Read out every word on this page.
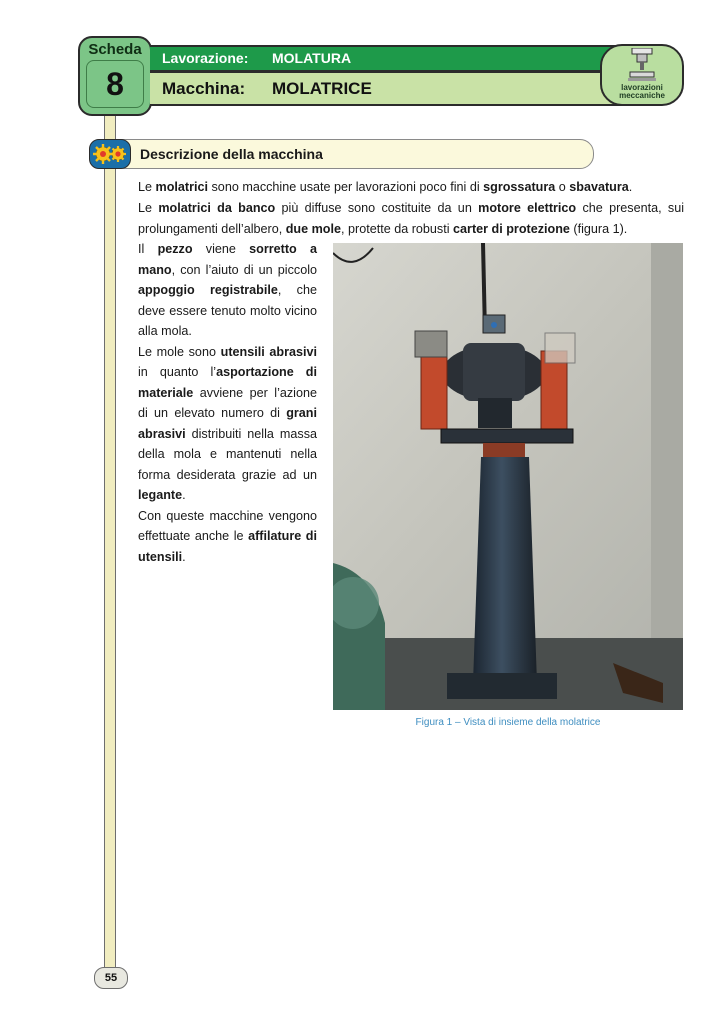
Scheda
8
Lavorazione: MOLATURA
Macchina: MOLATRICE	lavorazioni
meccaniche
Descrizione della macchina
Le molatrici sono macchine usate per lavorazioni poco fini di sgrossatura o sbavatura.
Le molatrici da banco più diffuse sono costituite da un motore elettrico che presenta, sui prolungamenti dell’albero, due mole, protette da robusti carter di protezione (figura 1).
Il pezzo viene sorretto a mano, con l’aiuto di un piccolo appoggio registrabile, che deve essere tenuto molto vicino alla mola.
Le mole sono utensili abrasivi in quanto l’asportazione di materiale avviene per l’azione di un elevato numero di grani abrasivi distribuiti nella massa della mola e mantenuti nella forma desiderata grazie ad un legante.
Con queste macchine vengono effettuate anche le affilature di utensili.
Figura 1 – Vista di insieme della molatrice
55
